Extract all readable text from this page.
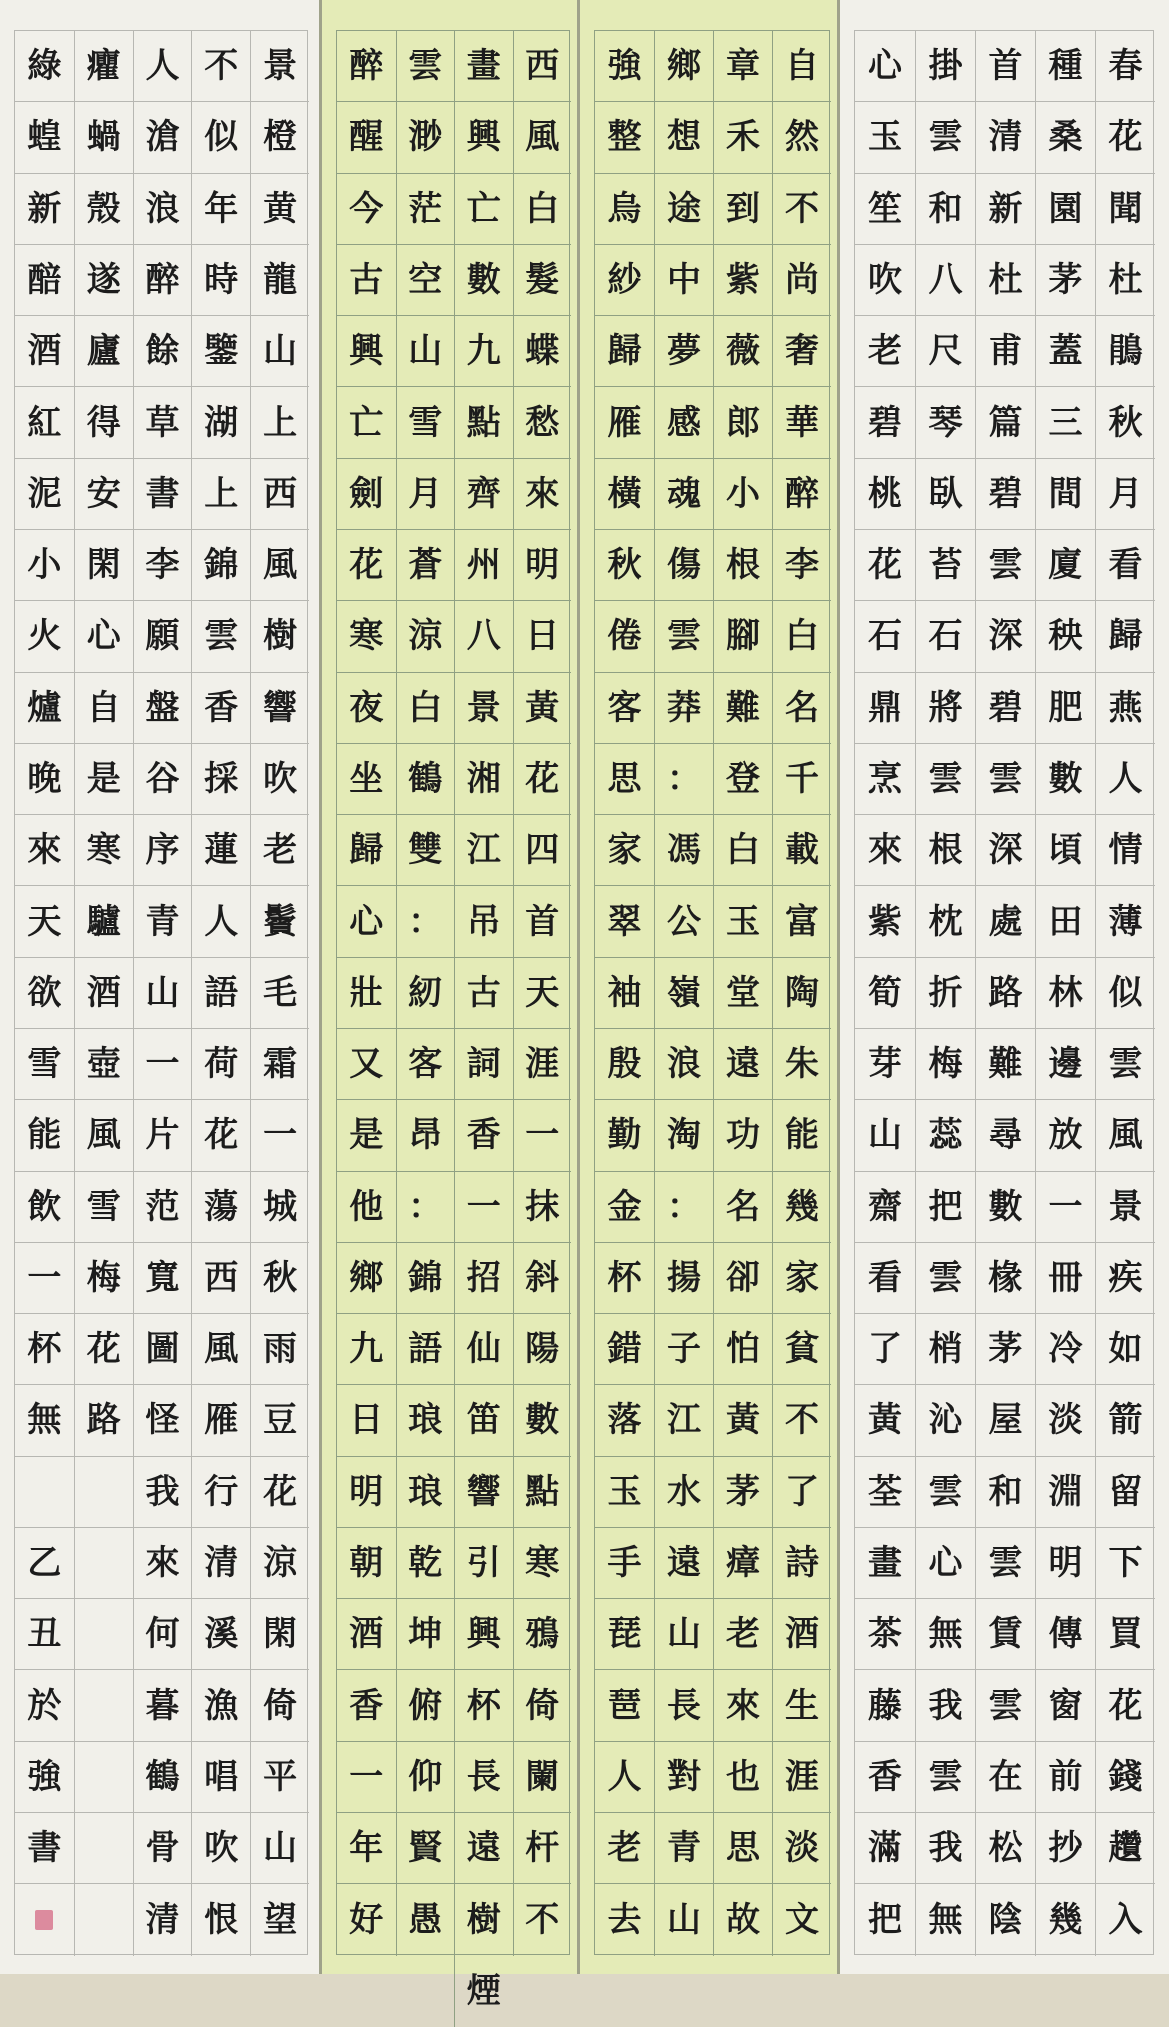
景
橙
黄
龍
山
上
西
風
樹
響
吹
老
鬢
毛
霜
一
城
秋
雨
豆
花
涼
閑
倚
平
山
望
不
似
年
時
鑒
湖
上
錦
雲
香
採
蓮
人
語
荷
花
蕩
西
風
雁
行
清
溪
漁
唱
吹
恨
人
滄
浪
醉
餘
草
書
李
願
盤
谷
序
青
山
一
片
范
寬
圖
怪
我
來
何
暮
鶴
骨
清
癯
蝸
殼
遂
廬
得
安
閑
心
自
是
寒
驢
酒
壺
風
雪
梅
花
路
綠
蝗
新
醅
酒
紅
泥
小
火
爐
晚
來
天
欲
雪
能
飲
一
杯
無
乙
丑
於
強
書
西
風
白
髮
蝶
愁
來
明
日
黃
花
四
首
天
涯
一
抹
斜
陽
數
點
寒
鴉
倚
闌
杆
不
畫
興
亡
數
九
點
齊
州
八
景
湘
江
吊
古
詞
香
一
招
仙
笛
響
引
興
杯
長
遠
樹
煙
雲
渺
茫
空
山
雪
月
蒼
涼
白
鶴
雙
：
紉
客
昂
：
錦
語
琅
琅
乾
坤
俯
仰
賢
愚
醉
醒
今
古
興
亡
劍
花
寒
夜
坐
歸
心
壯
又
是
他
鄉
九
日
明
朝
酒
香
一
年
好
自
然
不
尚
奢
華
醉
李
白
名
千
載
富
陶
朱
能
幾
家
貧
不
了
詩
酒
生
涯
淡
文
章
禾
到
紫
薇
郎
小
根
腳
難
登
白
玉
堂
遠
功
名
卻
怕
黃
茅
瘴
老
來
也
思
故
鄉
想
途
中
夢
感
魂
傷
雲
莽
：
馮
公
嶺
浪
淘
：
揚
子
江
水
遠
山
長
對
青
山
強
整
烏
紗
歸
雁
橫
秋
倦
客
思
家
翠
袖
殷
勤
金
杯
錯
落
玉
手
琵
琶
人
老
去
春
花
聞
杜
鵑
秋
月
看
歸
燕
人
情
薄
似
雲
風
景
疾
如
箭
留
下
買
花
錢
趲
入
種
桑
園
茅
蓋
三
間
廈
秧
肥
數
頃
田
林
邊
放
一
冊
冷
淡
淵
明
傳
窗
前
抄
幾
首
清
新
杜
甫
篇
碧
雲
深
碧
雲
深
處
路
難
尋
數
椽
茅
屋
和
雲
賃
雲
在
松
陰
掛
雲
和
八
尺
琴
臥
苔
石
將
雲
根
枕
折
梅
蕊
把
雲
梢
沁
雲
心
無
我
雲
我
無
心
玉
笙
吹
老
碧
桃
花
石
鼎
烹
來
紫
筍
芽
山
齋
看
了
黃
荃
畫
茶
藤
香
滿
把
